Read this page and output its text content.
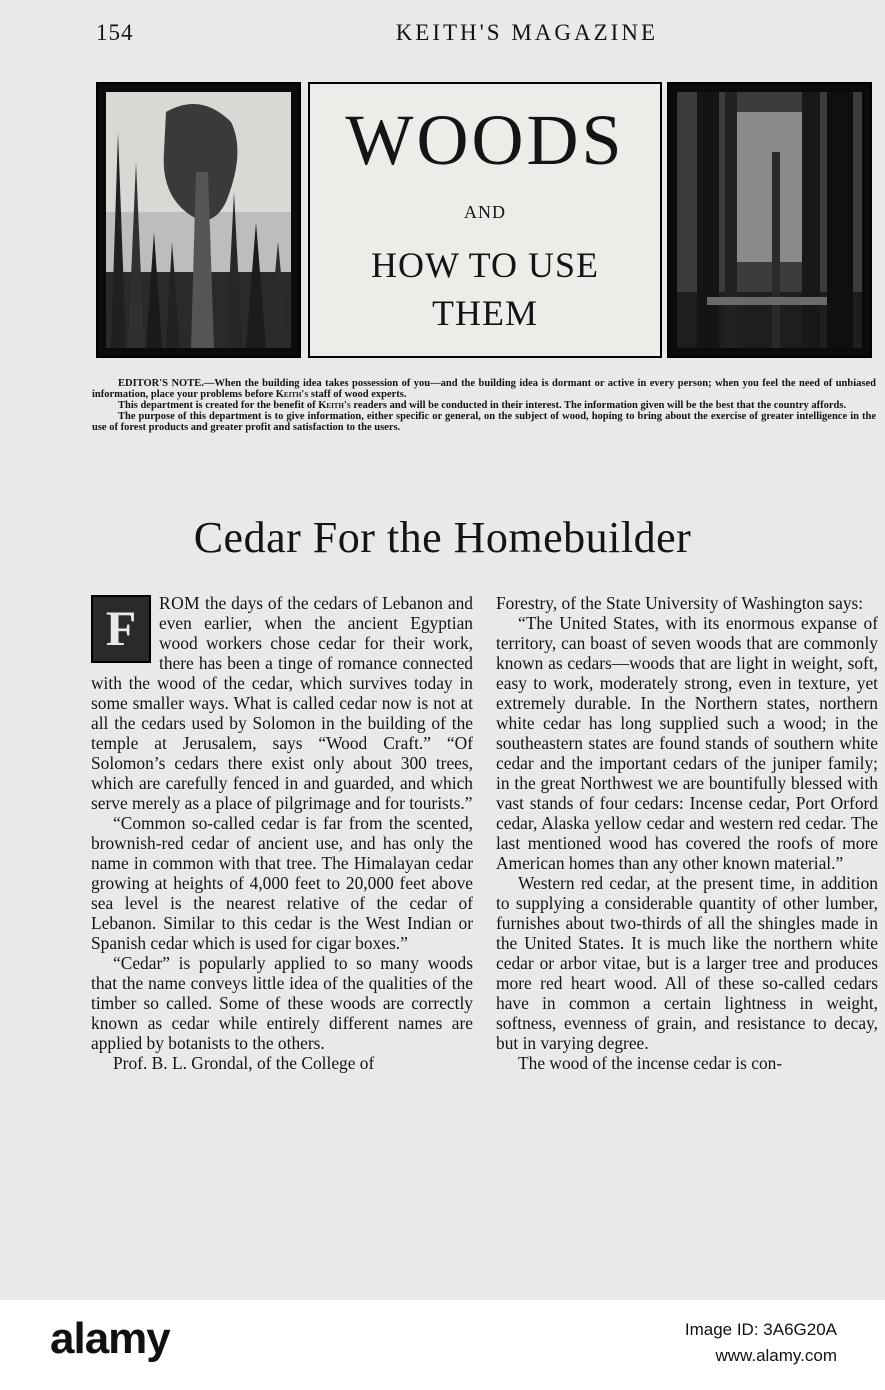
154	KEITH'S MAGAZINE
WOODS
AND
HOW TO USE
THEM

EDITOR'S NOTE.—When the building idea takes possession of you—and the building idea is dormant or active in every person; when you feel the need of unbiased information, place your problems before Keith's staff of wood experts.

This department is created for the benefit of Keith's readers and will be conducted in their interest. The information given will be the best that the country affords.

The purpose of this department is to give information, either specific or general, on the subject of wood, hoping to bring about the exercise of greater intelligence in the use of forest products and greater profit and satisfaction to the users.

Cedar For the Homebuilder

F	ROM the days of the cedars of Lebanon and even earlier, when the ancient Egyptian wood workers chose cedar for their work, there has been a tinge of romance connected with the wood of the cedar, which survives today in some smaller ways. What is called cedar now is not at all the cedars used by Solomon in the building of the temple at Jerusalem, says “Wood Craft.” “Of Solomon’s cedars there exist only about 300 trees, which are carefully fenced in and guarded, and which serve merely as a place of pilgrimage and for tourists.”

“Common so-called cedar is far from the scented, brownish-red cedar of ancient use, and has only the name in common with that tree. The Himalayan cedar growing at heights of 4,000 feet to 20,000 feet above sea level is the nearest relative of the cedar of Lebanon. Similar to this cedar is the West Indian or Spanish cedar which is used for cigar boxes.”

“Cedar” is popularly applied to so many woods that the name conveys little idea of the qualities of the timber so called. Some of these woods are correctly known as cedar while entirely different names are applied by botanists to the others.

Prof. B. L. Grondal, of the College of

Forestry, of the State University of Washington says:

“The United States, with its enormous expanse of territory, can boast of seven woods that are commonly known as cedars—woods that are light in weight, soft, easy to work, moderately strong, even in texture, yet extremely durable. In the Northern states, northern white cedar has long supplied such a wood; in the southeastern states are found stands of southern white cedar and the important cedars of the juniper family; in the great Northwest we are bountifully blessed with vast stands of four cedars: Incense cedar, Port Orford cedar, Alaska yellow cedar and western red cedar. The last mentioned wood has covered the roofs of more American homes than any other known material.”

Western red cedar, at the present time, in addition to supplying a considerable quantity of other lumber, furnishes about two-thirds of all the shingles made in the United States. It is much like the northern white cedar or arbor vitae, but is a larger tree and produces more red heart wood. All of these so-called cedars have in common a certain lightness in weight, softness, evenness of grain, and resistance to decay, but in varying degree.

The wood of the incense cedar is con-

alamy	Image ID: 3A6G20A
www.alamy.com
